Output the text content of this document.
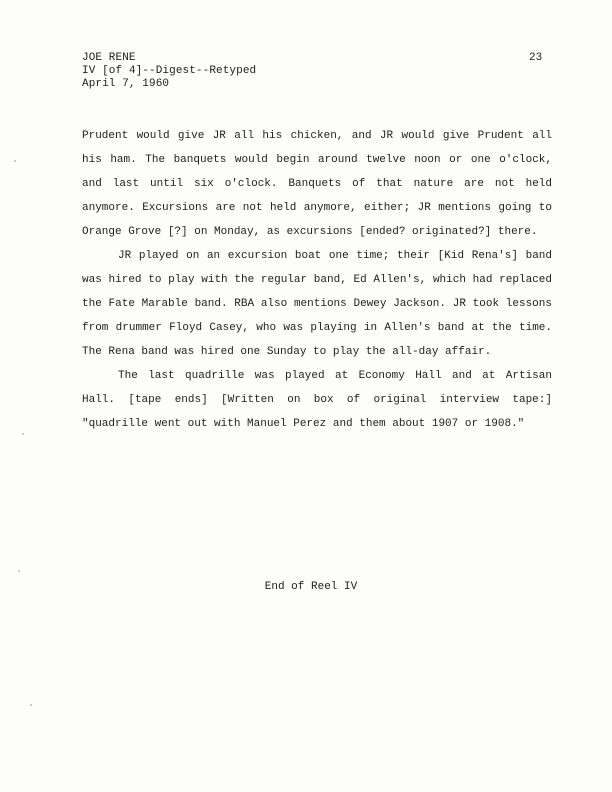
JOE RENE
IV [of 4]--Digest--Retyped
April 7, 1960
23

Prudent would give JR all his chicken, and JR would give Prudent all his ham. The banquets would begin around twelve noon or one o'clock, and last until six o'clock. Banquets of that nature are not held anymore. Excursions are not held anymore, either; JR mentions going to Orange Grove [?] on Monday, as excursions [ended? originated?] there.

JR played on an excursion boat one time; their [Kid Rena's] band was hired to play with the regular band, Ed Allen's, which had replaced the Fate Marable band. RBA also mentions Dewey Jackson. JR took lessons from drummer Floyd Casey, who was playing in Allen's band at the time. The Rena band was hired one Sunday to play the all-day affair.

The last quadrille was played at Economy Hall and at Artisan Hall. [tape ends] [Written on box of original interview tape:] "quadrille went out with Manuel Perez and them about 1907 or 1908."

End of Reel IV
